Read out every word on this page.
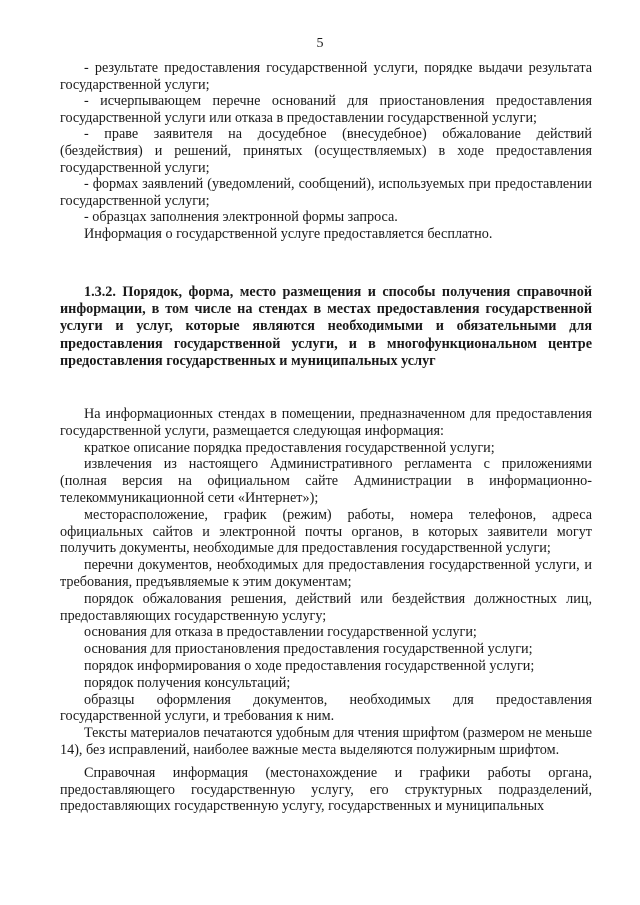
5

- результате предоставления государственной услуги, порядке выдачи результата государственной услуги;

- исчерпывающем перечне оснований для приостановления предоставления государственной услуги или отказа в предоставлении государственной услуги;

- праве заявителя на досудебное (внесудебное) обжалование действий (бездействия) и решений, принятых (осуществляемых) в ходе предоставления государственной услуги;

- формах заявлений (уведомлений, сообщений), используемых при предоставлении государственной услуги;

- образцах заполнения электронной формы запроса.

Информация о государственной услуге предоставляется бесплатно.

1.3.2. Порядок, форма, место размещения и способы получения справочной информации, в том числе на стендах в местах предоставления государственной услуги и услуг, которые являются необходимыми и обязательными для предоставления государственной услуги, и в многофункциональном центре предоставления государственных и муниципальных услуг

На информационных стендах в помещении, предназначенном для предоставления государственной услуги, размещается следующая информация:

краткое описание порядка предоставления государственной услуги;

извлечения из настоящего Административного регламента с приложениями (полная версия на официальном сайте Администрации в информационно-телекоммуникационной сети «Интернет»);

месторасположение, график (режим) работы, номера телефонов, адреса официальных сайтов и электронной почты органов, в которых заявители могут получить документы, необходимые для предоставления государственной услуги;

перечни документов, необходимых для предоставления государственной услуги, и требования, предъявляемые к этим документам;

порядок обжалования решения, действий или бездействия должностных лиц, предоставляющих государственную услугу;

основания для отказа в предоставлении государственной услуги;

основания для приостановления предоставления государственной услуги;

порядок информирования о ходе предоставления государственной услуги;

порядок получения консультаций;

образцы оформления документов, необходимых для предоставления государственной услуги, и требования к ним.

Тексты материалов печатаются удобным для чтения шрифтом (размером не меньше 14), без исправлений, наиболее важные места выделяются полужирным шрифтом.

Справочная информация (местонахождение и графики работы органа, предоставляющего государственную услугу, его структурных подразделений, предоставляющих государственную услугу, государственных и муниципальных
